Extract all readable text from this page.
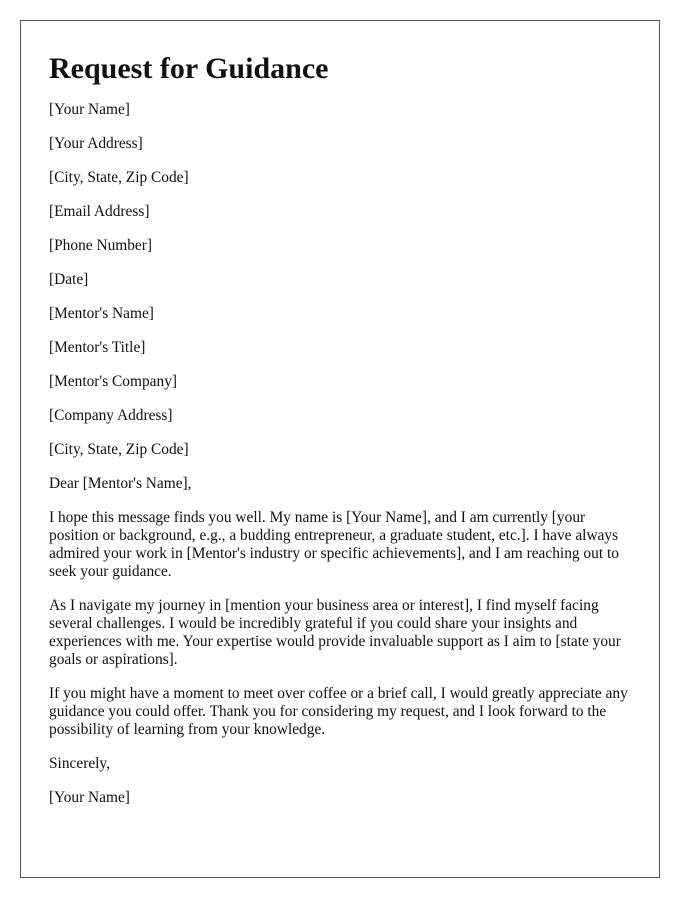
Request for Guidance
[Your Name]
[Your Address]
[City, State, Zip Code]
[Email Address]
[Phone Number]
[Date]
[Mentor's Name]
[Mentor's Title]
[Mentor's Company]
[Company Address]
[City, State, Zip Code]
Dear [Mentor's Name],

I hope this message finds you well. My name is [Your Name], and I am currently [your position or background, e.g., a budding entrepreneur, a graduate student, etc.]. I have always admired your work in [Mentor's industry or specific achievements], and I am reaching out to seek your guidance.

As I navigate my journey in [mention your business area or interest], I find myself facing several challenges. I would be incredibly grateful if you could share your insights and experiences with me. Your expertise would provide invaluable support as I aim to [state your goals or aspirations].

If you might have a moment to meet over coffee or a brief call, I would greatly appreciate any guidance you could offer. Thank you for considering my request, and I look forward to the possibility of learning from your knowledge.

Sincerely,
[Your Name]
